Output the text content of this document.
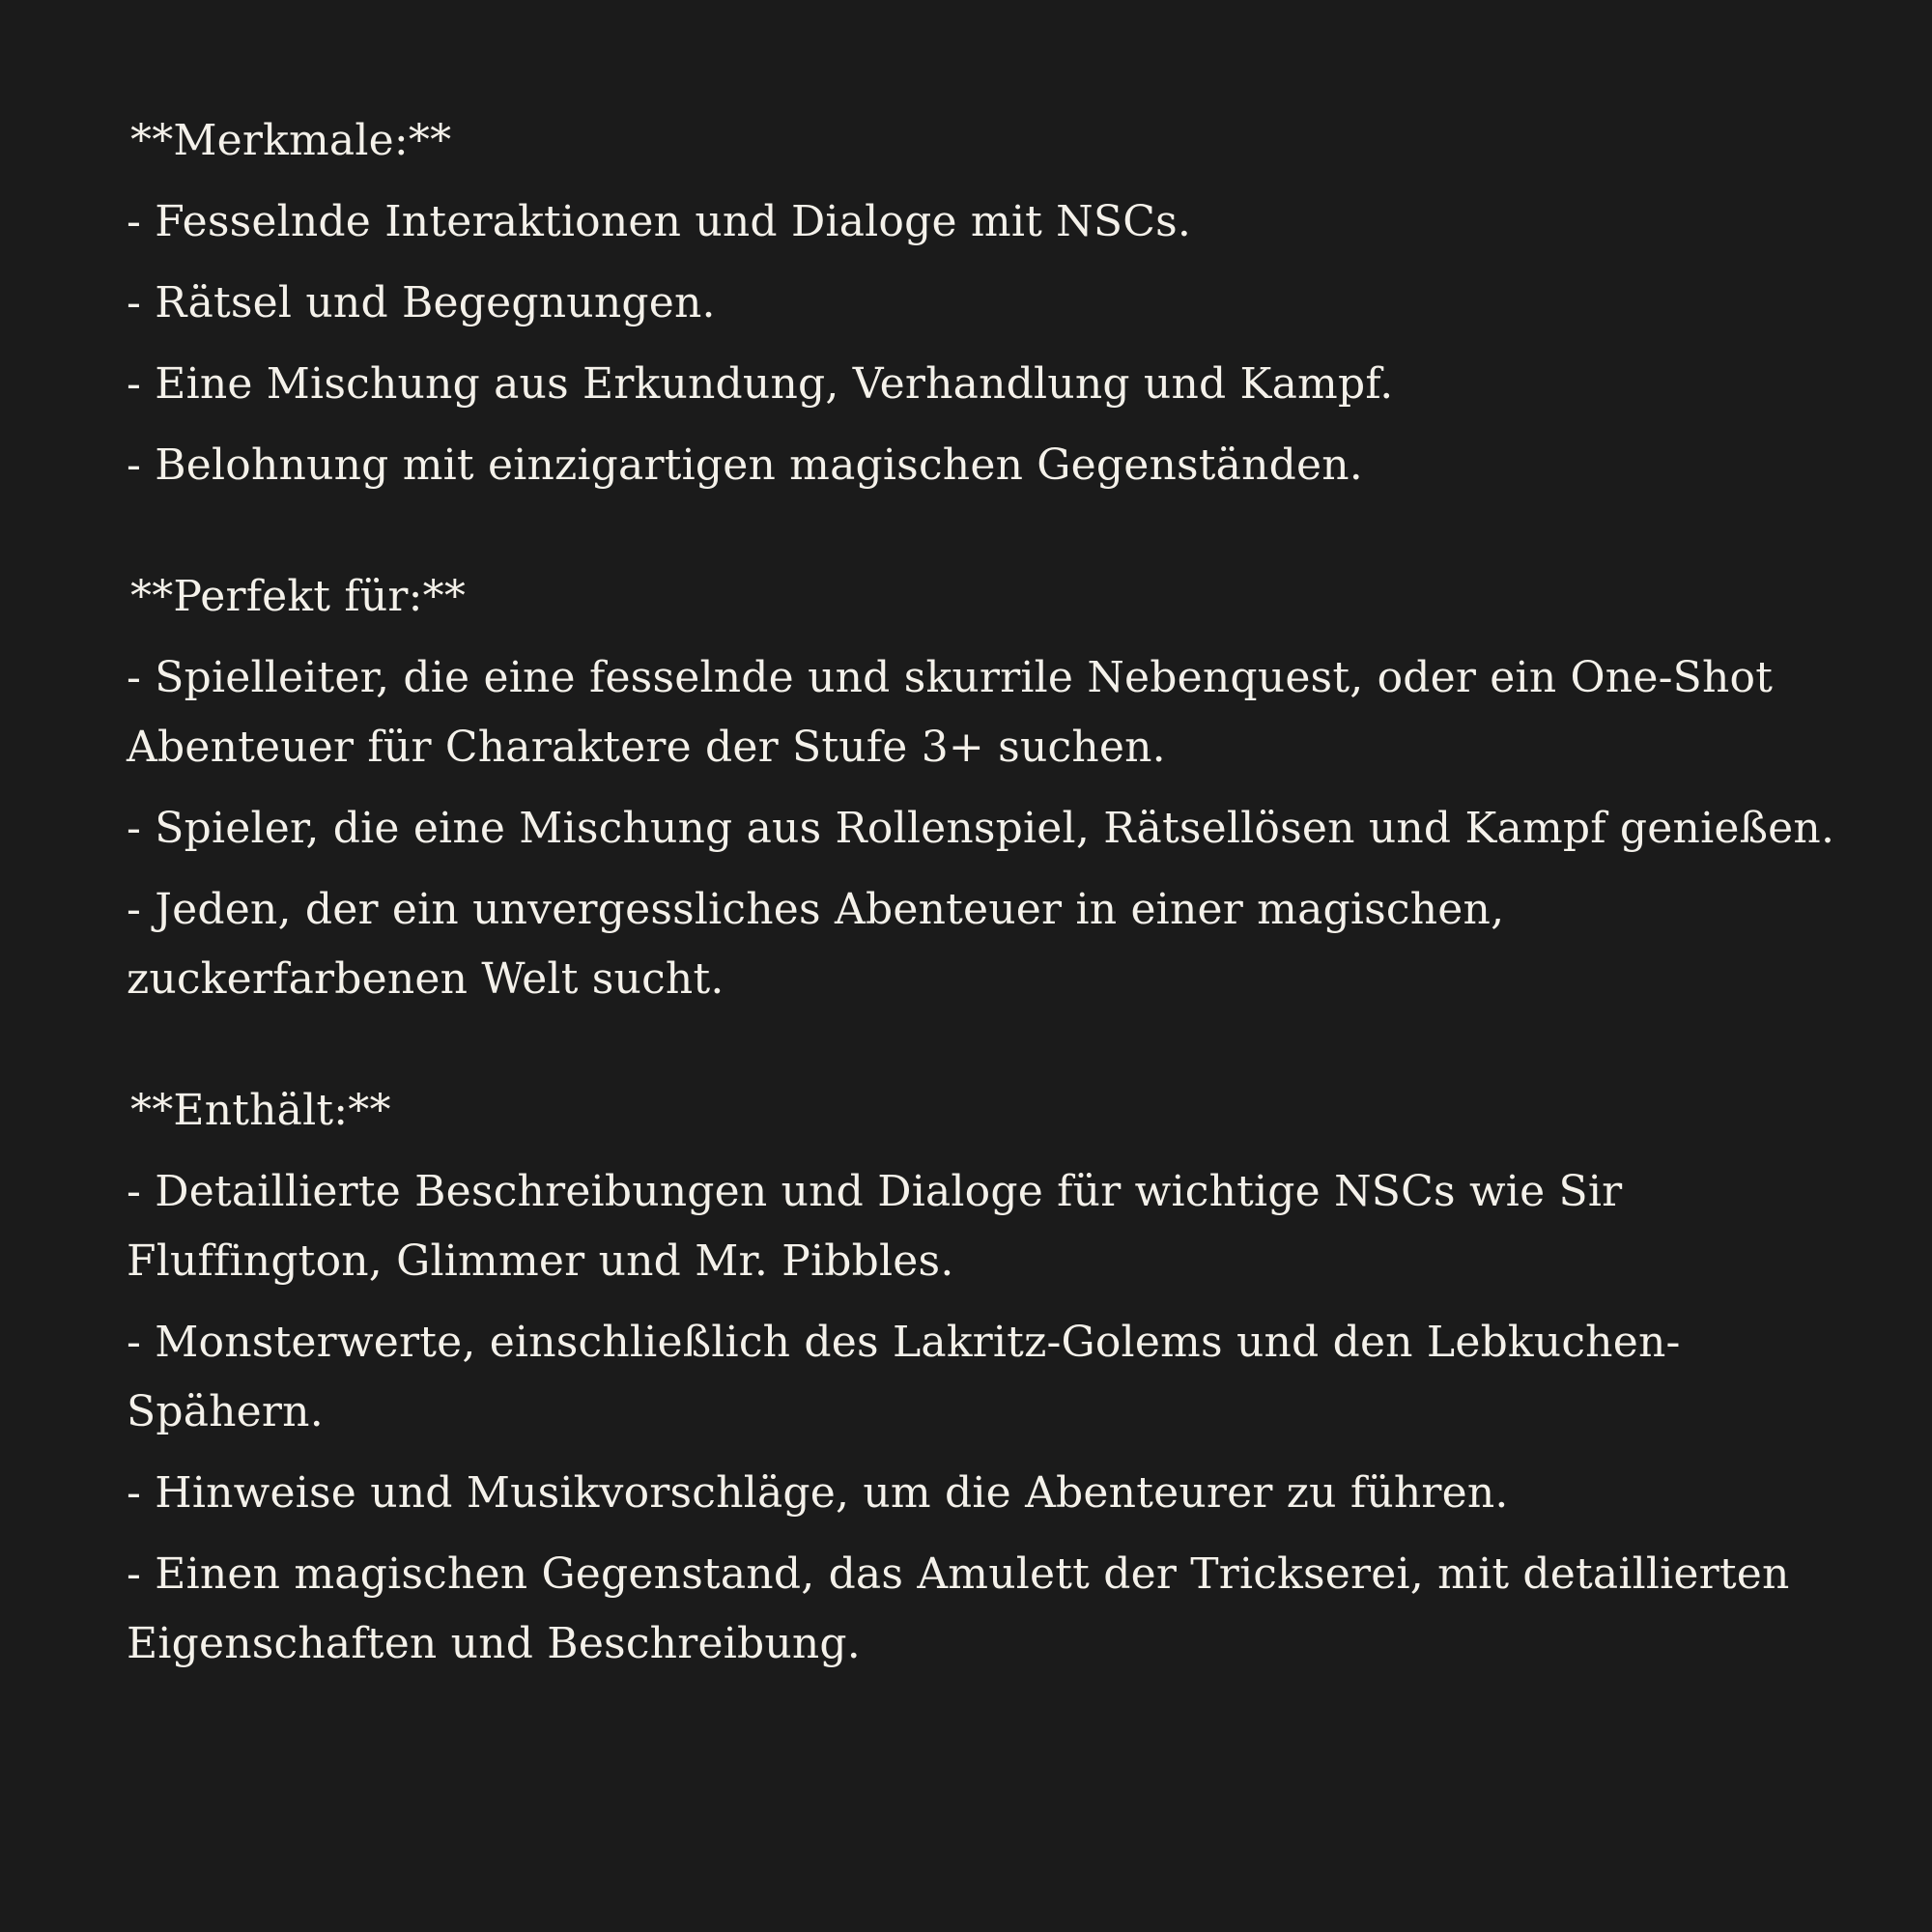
**Merkmale:**

- Fesselnde Interaktionen und Dialoge mit NSCs.

- Rätsel und Begegnungen.

- Eine Mischung aus Erkundung, Verhandlung und Kampf.

- Belohnung mit einzigartigen magischen Gegenständen.

**Perfekt für:**

- Spielleiter, die eine fesselnde und skurrile Nebenquest, oder ein One-Shot Abenteuer für Charaktere der Stufe 3+ suchen.

- Spieler, die eine Mischung aus Rollenspiel, Rätsellösen und Kampf genießen.

- Jeden, der ein unvergessliches Abenteuer in einer magischen, zuckerfarbenen Welt sucht.

**Enthält:**

- Detaillierte Beschreibungen und Dialoge für wichtige NSCs wie Sir Fluffington, Glimmer und Mr. Pibbles.

- Monsterwerte, einschließlich des Lakritz-Golems und den Lebkuchen-Spähern.

- Hinweise und Musikvorschläge, um die Abenteurer zu führen.

- Einen magischen Gegenstand, das Amulett der Trickserei, mit detaillierten Eigenschaften und Beschreibung.
